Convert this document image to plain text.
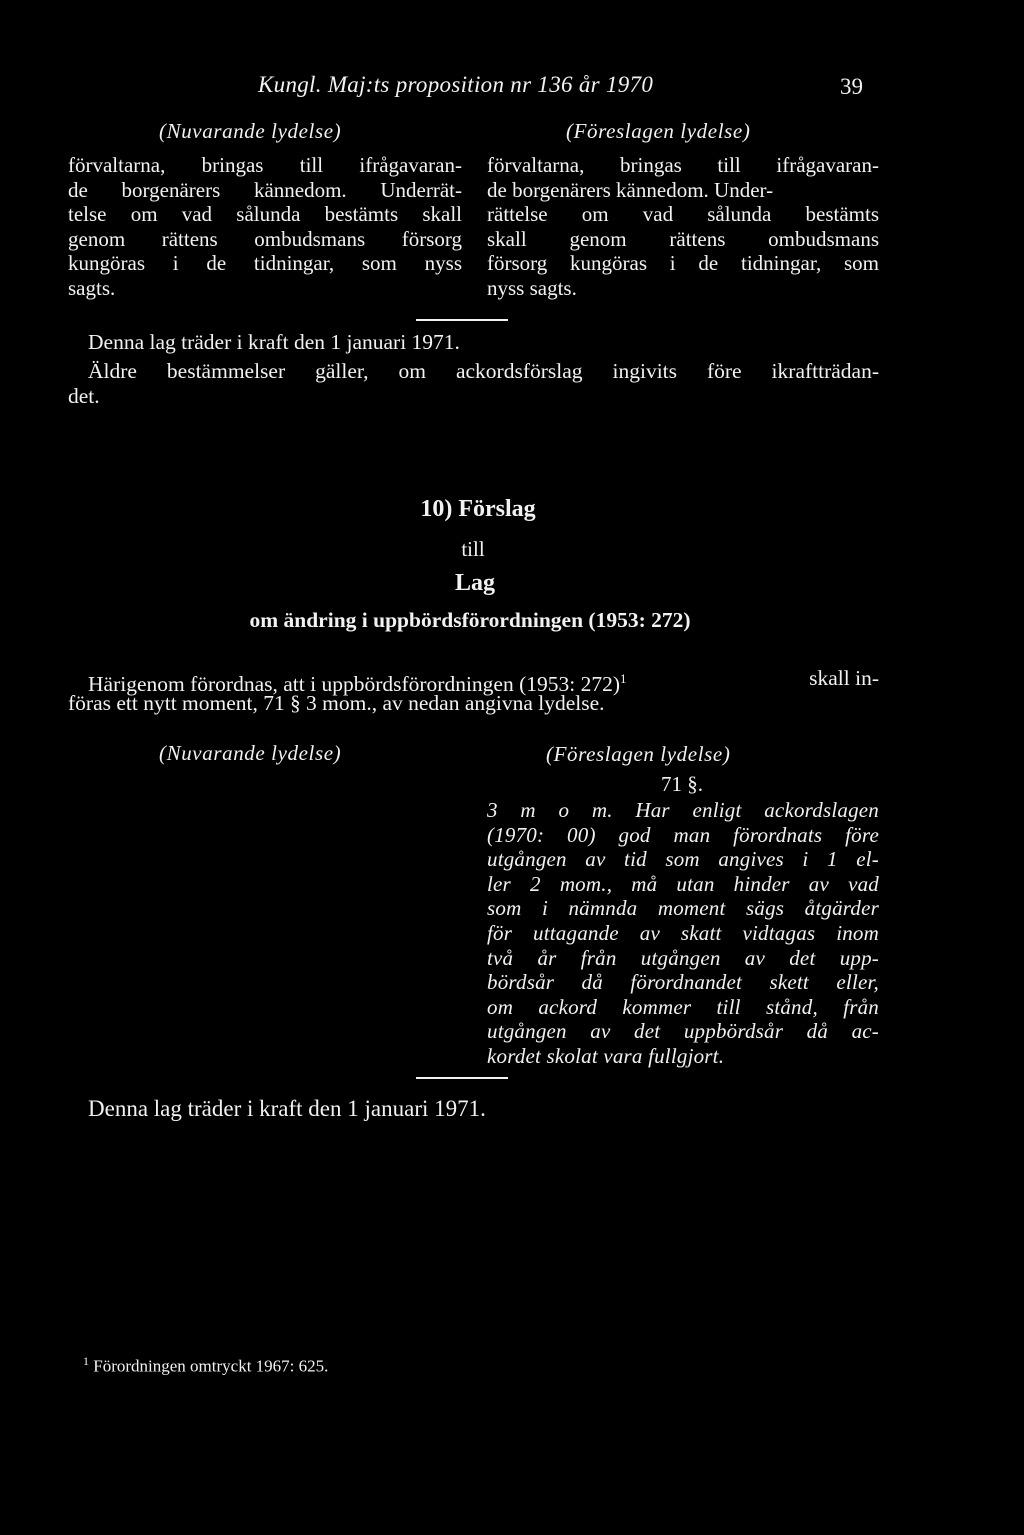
Kungl. Maj:ts proposition nr 136 år 1970	39
(Nuvarande lydelse)	(Föreslagen lydelse)
förvaltarna, bringas till ifrågavaran-
de borgenärers kännedom. Underrät-
telse om vad sålunda bestämts skall
genom rättens ombudsmans försorg
kungöras i de tidningar, som nyss
sagts.
förvaltarna, bringas till ifrågavaran-
de borgenärers kännedom. Under-
rättelse om vad sålunda bestämts
skall genom rättens ombudsmans
försorg kungöras i de tidningar, som
nyss sagts.
Denna lag träder i kraft den 1 januari 1971.
Äldre bestämmelser gäller, om ackordsförslag ingivits före ikraftträdan-
det.
10) Förslag
till
Lag
om ändring i uppbördsförordningen (1953: 272)
Härigenom förordnas, att i uppbördsförordningen (1953: 272)$^1$	skall in-
föras ett nytt moment, 71 § 3 mom., av nedan angivna lydelse.
(Nuvarande lydelse)	(Föreslagen lydelse)
71 §.
3 m o m. Har enligt ackordslagen
(1970: 00) god man förordnats före
utgången av tid som angives i 1 el-
ler 2 mom., må utan hinder av vad
som i nämnda moment sägs åtgärder
för uttagande av skatt vidtagas inom
två år från utgången av det upp-
bördsår då förordnandet skett eller,
om ackord kommer till stånd, från
utgången av det uppbördsår då ac-
kordet skolat vara fullgjort.
Denna lag träder i kraft den 1 januari 1971.
$^1$ Förordningen omtryckt 1967: 625.
